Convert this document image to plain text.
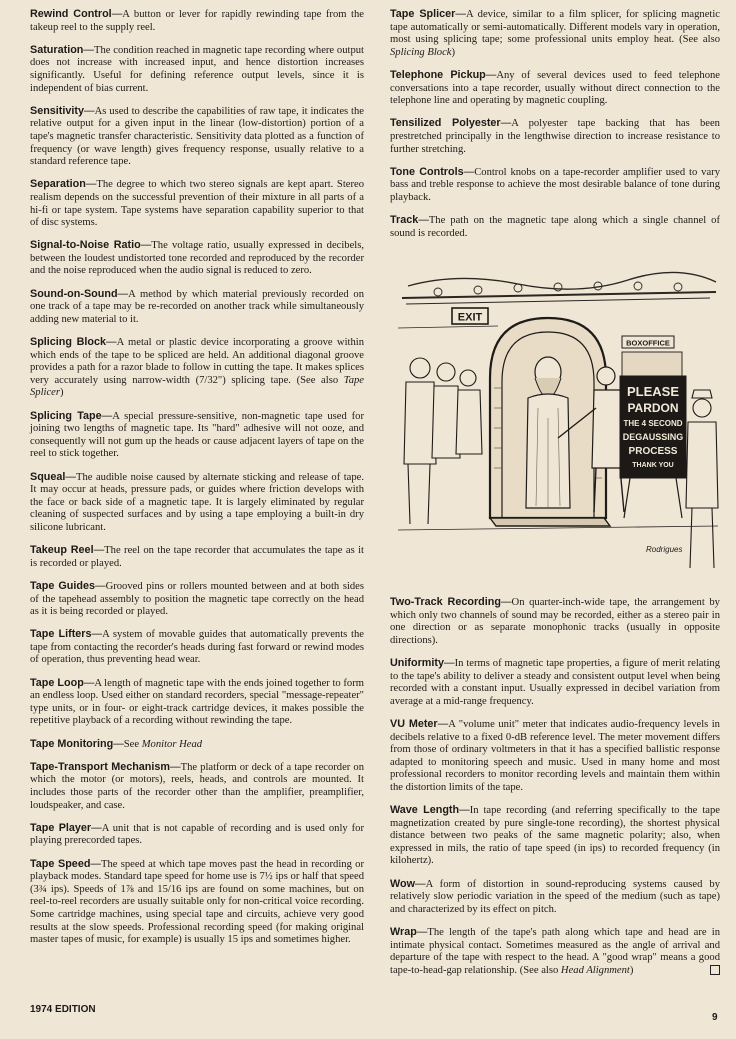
Rewind Control—A button or lever for rapidly rewinding tape from the takeup reel to the supply reel.

Saturation—The condition reached in magnetic tape recording where output does not increase with increased input, and hence distortion increases significantly. Useful for defining reference output levels, since it is independent of bias current.

Sensitivity—As used to describe the capabilities of raw tape, it indicates the relative output for a given input in the linear (low-distortion) portion of a tape's magnetic transfer characteristic. Sensitivity data plotted as a function of frequency (or wave length) gives frequency response, usually relative to a standard reference tape.

Separation—The degree to which two stereo signals are kept apart. Stereo realism depends on the successful prevention of their mixture in all parts of a hi-fi or tape system. Tape systems have separation capability superior to that of disc systems.

Signal-to-Noise Ratio—The voltage ratio, usually expressed in decibels, between the loudest undistorted tone recorded and reproduced by the recorder and the noise reproduced when the audio signal is reduced to zero.

Sound-on-Sound—A method by which material previously recorded on one track of a tape may be re-recorded on another track while simultaneously adding new material to it.

Splicing Block—A metal or plastic device incorporating a groove within which ends of the tape to be spliced are held. An additional diagonal groove provides a path for a razor blade to follow in cutting the tape. It makes splices very accurately using narrow-width (7/32") splicing tape. (See also Tape Splicer)

Splicing Tape—A special pressure-sensitive, non-magnetic tape used for joining two lengths of magnetic tape. Its "hard" adhesive will not ooze, and consequently will not gum up the heads or cause adjacent layers of tape on the reel to stick together.

Squeal—The audible noise caused by alternate sticking and release of tape. It may occur at heads, pressure pads, or guides where friction develops with the face or back side of a magnetic tape. It is largely eliminated by regular cleaning of suspected surfaces and by using a tape employing a built-in dry silicone lubricant.

Takeup Reel—The reel on the tape recorder that accumulates the tape as it is recorded or played.

Tape Guides—Grooved pins or rollers mounted between and at both sides of the tapehead assembly to position the magnetic tape correctly on the head as it is being recorded or played.

Tape Lifters—A system of movable guides that automatically prevents the tape from contacting the recorder's heads during fast forward or rewind modes of operation, thus preventing head wear.

Tape Loop—A length of magnetic tape with the ends joined together to form an endless loop. Used either on standard recorders, special "message-repeater" type units, or in four- or eight-track cartridge devices, it makes possible the repetitive playback of a recording without rewinding the tape.

Tape Monitoring—See Monitor Head

Tape-Transport Mechanism—The platform or deck of a tape recorder on which the motor (or motors), reels, heads, and controls are mounted. It includes those parts of the recorder other than the amplifier, preamplifier, loudspeaker, and case.

Tape Player—A unit that is not capable of recording and is used only for playing prerecorded tapes.

Tape Speed—The speed at which tape moves past the head in recording or playback modes. Standard tape speed for home use is 7½ ips or half that speed (3¾ ips). Speeds of 1⅞ and 15/16 ips are found on some machines, but on reel-to-reel recorders are usually suitable only for non-critical voice recording. Some cartridge machines, using special tape and circuits, achieve very good results at the slow speeds. Professional recording speed (for making original master tapes of music, for example) is usually 15 ips and sometimes higher.

Tape Splicer—A device, similar to a film splicer, for splicing magnetic tape automatically or semi-automatically. Different models vary in operation, most using splicing tape; some professional units employ heat. (See also Splicing Block)

Telephone Pickup—Any of several devices used to feed telephone conversations into a tape recorder, usually without direct connection to the telephone line and operating by magnetic coupling.

Tensilized Polyester—A polyester tape backing that has been prestretched principally in the lengthwise direction to increase resistance to further stretching.

Tone Controls—Control knobs on a tape-recorder amplifier used to vary bass and treble response to achieve the most desirable balance of tone during playback.

Track—The path on the magnetic tape along which a single channel of sound is recorded.

EXIT
BOXOFFICE
PLEASE
PARDON
THE 4 SECOND
DEGAUSSING
PROCESS
THANK YOU
Rodrigues

Two-Track Recording—On quarter-inch-wide tape, the arrangement by which only two channels of sound may be recorded, either as a stereo pair in one direction or as separate monophonic tracks (usually in opposite directions).

Uniformity—In terms of magnetic tape properties, a figure of merit relating to the tape's ability to deliver a steady and consistent output level when being recorded with a constant input. Usually expressed in decibel variation from average at a mid-range frequency.

VU Meter—A "volume unit" meter that indicates audio-frequency levels in decibels relative to a fixed 0-dB reference level. The meter movement differs from those of ordinary voltmeters in that it has a specified ballistic response adapted to monitoring speech and music. Used in many home and most professional recorders to monitor recording levels and maintain them within the distortion limits of the tape.

Wave Length—In tape recording (and referring specifically to the tape magnetization created by pure single-tone recording), the shortest physical distance between two peaks of the same magnetic polarity; also, when expressed in mils, the ratio of tape speed (in ips) to recorded frequency (in kilohertz).

Wow—A form of distortion in sound-reproducing systems caused by relatively slow periodic variation in the speed of the medium (such as tape) and characterized by its effect on pitch.

Wrap—The length of the tape's path along which tape and head are in intimate physical contact. Sometimes measured as the angle of arrival and departure of the tape with respect to the head. A "good wrap" means a good tape-to-head-gap relationship. (See also Head Alignment)

1974 EDITION
9
